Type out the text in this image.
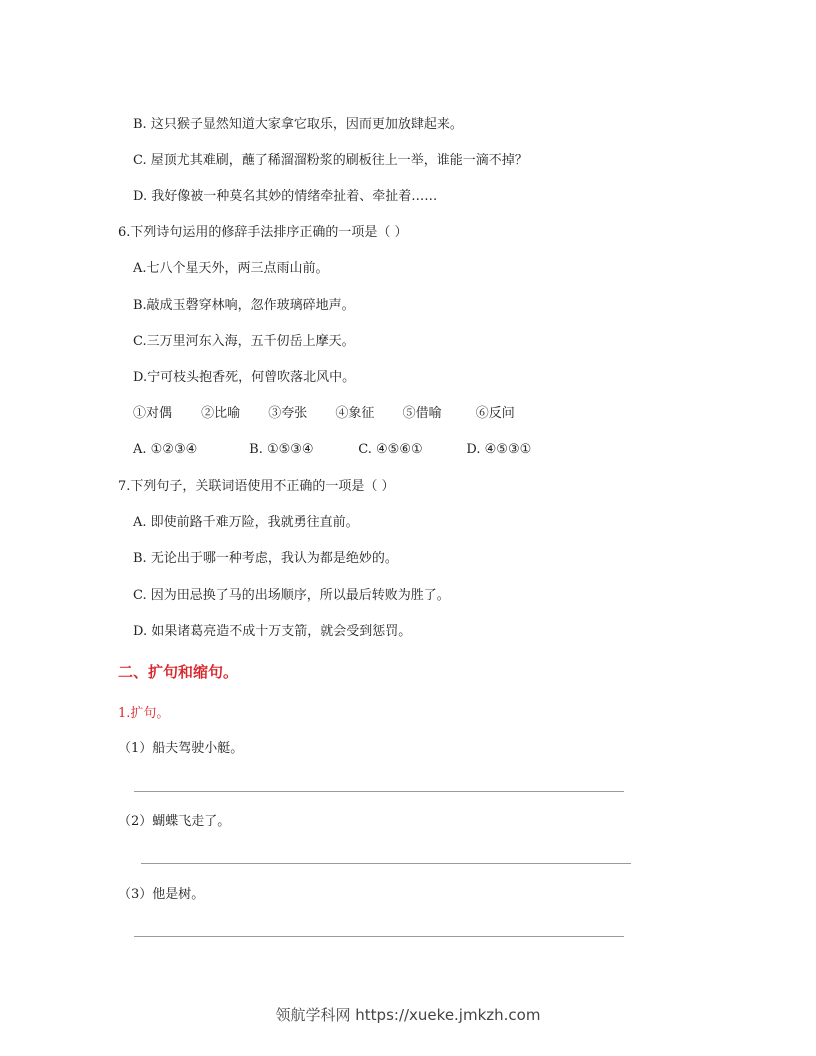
B. 这只猴子显然知道大家拿它取乐，因而更加放肆起来。
C. 屋顶尤其难刷，蘸了稀溜溜粉浆的刷板往上一举，谁能一滴不掉？
D. 我好像被一种莫名其妙的情绪牵扯着、牵扯着……
6.下列诗句运用的修辞手法排序正确的一项是（ ）
A.七八个星天外，两三点雨山前。
B.敲成玉磬穿林响，忽作玻璃碎地声。
C.三万里河东入海，五千仞岳上摩天。
D.宁可枝头抱香死，何曾吹落北风中。
①对偶 ②比喻 ③夸张 ④象征 ⑤借喻	⑥反问
A. ①②③④	B. ①⑤③④	C. ④⑤⑥①	D. ④⑤③①
7.下列句子，关联词语使用不正确的一项是（ ）
A. 即使前路千难万险，我就勇往直前。
B. 无论出于哪一种考虑，我认为都是绝妙的。
C. 因为田忌换了马的出场顺序，所以最后转败为胜了。
D. 如果诸葛亮造不成十万支箭，就会受到惩罚。
二、扩句和缩句。
1.扩句。
（1）船夫驾驶小艇。
（2）蝴蝶飞走了。
（3）他是树。
领航学科网 https://xueke.jmkzh.com
